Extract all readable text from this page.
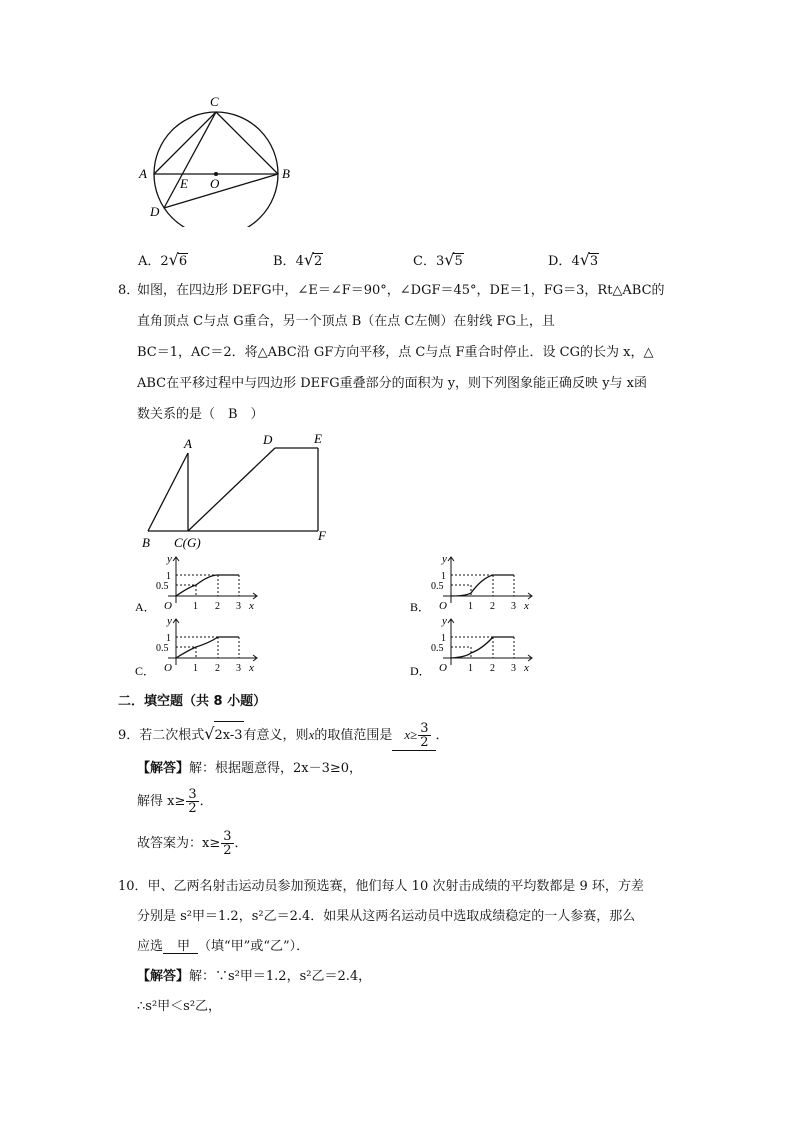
C
A	B
E O
D
A．2√6	B．4√2	C．3√5	D．4√3
8．
如图，在四边形 DEFG中，∠E＝∠F＝90°，∠DGF＝45°，DE＝1，FG＝3，Rt△ABC的
直角顶点 C与点 G重合，另一个顶点 B（在点 C左侧）在射线 FG上，且
BC＝1，AC＝2．将△ABC沿 GF方向平移，点 C与点 F重合时停止．设 CG的长为 x，△
ABC在平移过程中与四边形 DEFG重叠部分的面积为 y，则下列图象能正确反映 y与 x函
数关系的是（　B　）
A	D	E
B C(G)	F
A．
y
1
0.5
O 1 2 3 x	B．
y
1
0.5
O 1 2 3 x
C．
y
1
0.5
O 1 2 3 x	D．
y
1
0.5
O 1 2 3 x
二．填空题（共 8 小题）
9．若二次根式√2x-3有意义，则x的取值范围是 $x\ge \frac{3}{2}$ ．
【解答】解：根据题意得，2x－3≥0，
解得 $x\ge \frac{3}{2}$ ．
故答案为：$x\ge \frac{3}{2}$ ．
10．甲、乙两名射击运动员参加预选赛，他们每人 10 次射击成绩的平均数都是 9 环，方差
分别是 s²甲＝1.2，s²乙＝2.4．如果从这两名运动员中选取成绩稳定的一人参赛，那么
应选 甲 （填“甲”或“乙”）．
【解答】解：∵s²甲＝1.2，s²乙＝2.4，
∴s²甲＜s²乙，
